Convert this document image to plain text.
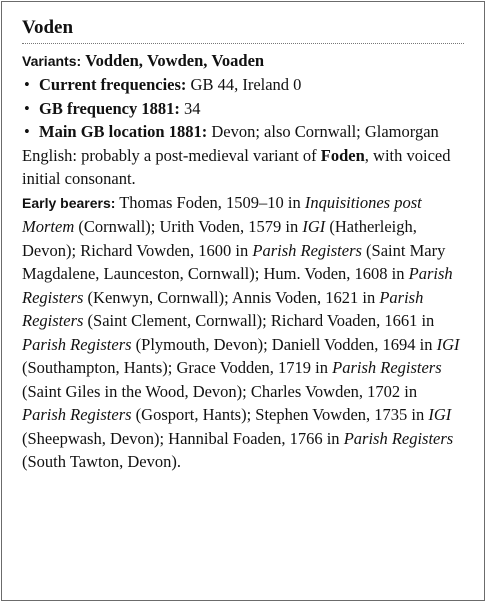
Voden
Variants: Vodden, Vowden, Voaden
• Current frequencies: GB 44, Ireland 0
• GB frequency 1881: 34
• Main GB location 1881: Devon; also Cornwall; Glamorgan
English: probably a post-medieval variant of Foden, with voiced initial consonant.
Early bearers: Thomas Foden, 1509–10 in Inquisitiones post Mortem (Cornwall); Urith Voden, 1579 in IGI (Hatherleigh, Devon); Richard Vowden, 1600 in Parish Registers (Saint Mary Magdalene, Launceston, Cornwall); Hum. Voden, 1608 in Parish Registers (Kenwyn, Cornwall); Annis Voden, 1621 in Parish Registers (Saint Clement, Cornwall); Richard Voaden, 1661 in Parish Registers (Plymouth, Devon); Daniell Vodden, 1694 in IGI (Southampton, Hants); Grace Vodden, 1719 in Parish Registers (Saint Giles in the Wood, Devon); Charles Vowden, 1702 in Parish Registers (Gosport, Hants); Stephen Vowden, 1735 in IGI (Sheepwash, Devon); Hannibal Foaden, 1766 in Parish Registers (South Tawton, Devon).
